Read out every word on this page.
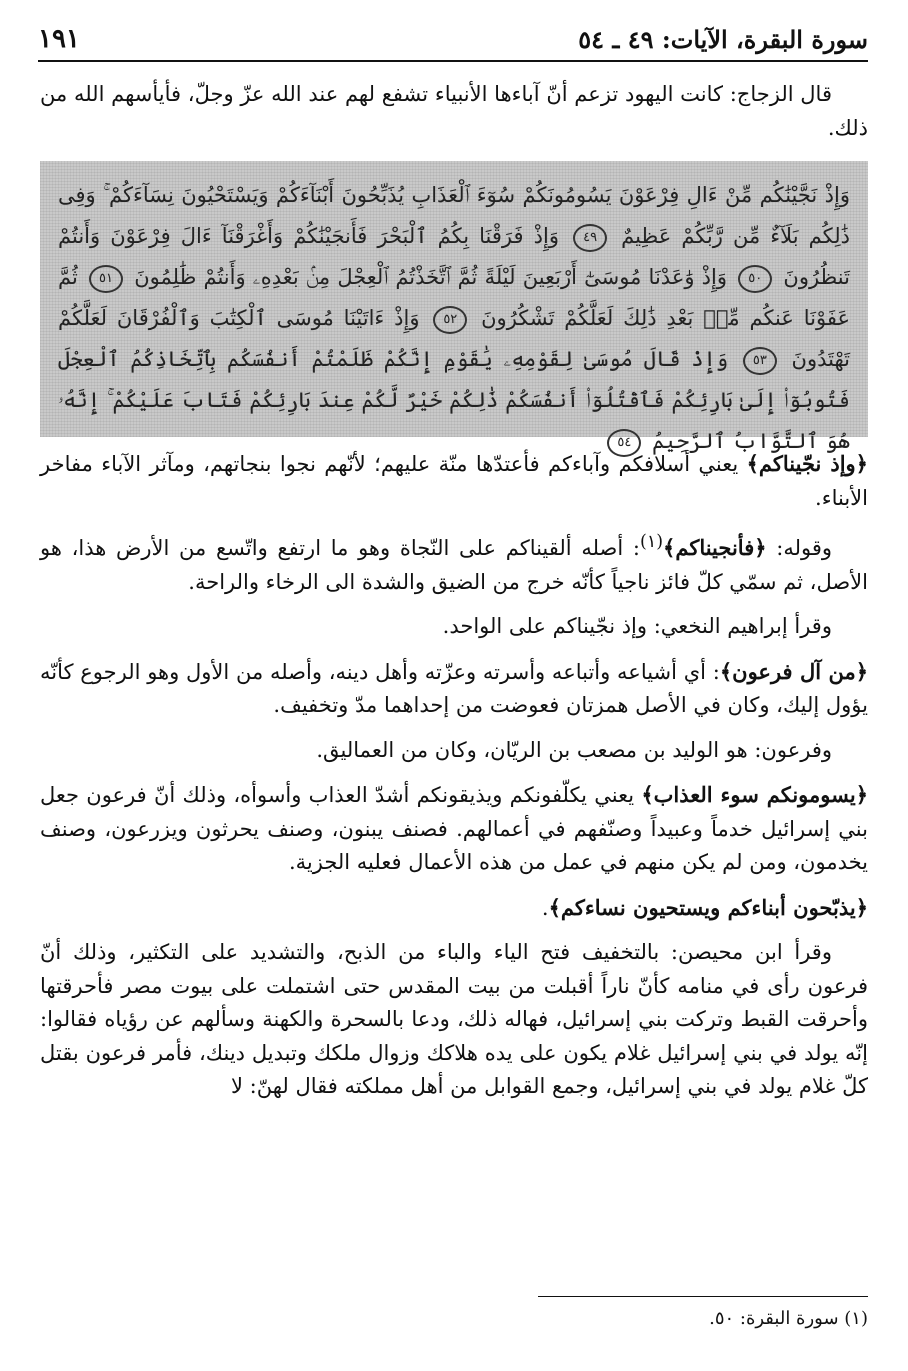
سورة البقرة، الآيات: ٤٩ ـ ٥٤
١٩١

قال الزجاج: كانت اليهود تزعم أنّ آباءها الأنبياء تشفع لهم عند الله عزّ وجلّ، فأيأسهم الله من ذلك.

وَإِذْ نَجَّيْنَٰكُم مِّنْ ءَالِ فِرْعَوْنَ يَسُومُونَكُمْ سُوٓءَ ٱلْعَذَابِ يُذَبِّحُونَ أَبْنَآءَكُمْ وَيَسْتَحْيُونَ نِسَآءَكُمْ ۚ وَفِى ذَٰلِكُم بَلَآءٌ مِّن رَّبِّكُمْ عَظِيمٌ ٤٩ وَإِذْ فَرَقْنَا بِكُمُ ٱلْبَحْرَ فَأَنجَيْنَٰكُمْ وَأَغْرَقْنَآ ءَالَ فِرْعَوْنَ وَأَنتُمْ تَنظُرُونَ ٥٠ وَإِذْ وَٰعَدْنَا مُوسَىٰٓ أَرْبَعِينَ لَيْلَةً ثُمَّ ٱتَّخَذْتُمُ ٱلْعِجْلَ مِنۢ بَعْدِهِۦ وَأَنتُمْ ظَٰلِمُونَ ٥١ ثُمَّ عَفَوْنَا عَنكُم مِّنۢ بَعْدِ ذَٰلِكَ لَعَلَّكُمْ تَشْكُرُونَ ٥٢ وَإِذْ ءَاتَيْنَا مُوسَى ٱلْكِتَٰبَ وَٱلْفُرْقَانَ لَعَلَّكُمْ تَهْتَدُونَ ٥٣ وَإِذْ قَالَ مُوسَىٰ لِقَوْمِهِۦ يَٰقَوْمِ إِنَّكُمْ ظَلَمْتُمْ أَنفُسَكُم بِٱتِّخَاذِكُمُ ٱلْعِجْلَ فَتُوبُوٓا۟ إِلَىٰ بَارِئِكُمْ فَٱقْتُلُوٓا۟ أَنفُسَكُمْ ذَٰلِكُمْ خَيْرٌ لَّكُمْ عِندَ بَارِئِكُمْ فَتَابَ عَلَيْكُمْ ۚ إِنَّهُۥ هُوَ ٱلتَّوَّابُ ٱلرَّحِيمُ ٥٤

﴿وإذ نجّيناكم﴾ يعني أسلافكم وآباءكم فأعتدّها منّة عليهم؛ لأنّهم نجوا بنجاتهم، ومآثر الآباء مفاخر الأبناء.

وقوله: ﴿فأنجيناكم﴾$^{(١)}$: أصله ألقيناكم على النّجاة وهو ما ارتفع واتّسع من الأرض هذا، هو الأصل، ثم سمّي كلّ فائز ناجياً كأنّه خرج من الضيق والشدة الى الرخاء والراحة.

وقرأ إبراهيم النخعي: وإذ نجّيناكم على الواحد.

﴿من آل فرعون﴾: أي أشياعه وأتباعه وأسرته وعزّته وأهل دينه، وأصله من الأول وهو الرجوع كأنّه يؤول إليك، وكان في الأصل همزتان فعوضت من إحداهما مدّ وتخفيف.

وفرعون: هو الوليد بن مصعب بن الريّان، وكان من العماليق.

﴿يسومونكم سوء العذاب﴾ يعني يكلّفونكم ويذيقونكم أشدّ العذاب وأسوأه، وذلك أنّ فرعون جعل بني إسرائيل خدماً وعبيداً وصنّفهم في أعمالهم. فصنف يبنون، وصنف يحرثون ويزرعون، وصنف يخدمون، ومن لم يكن منهم في عمل من هذه الأعمال فعليه الجزية.

﴿يذبّحون أبناءكم ويستحيون نساءكم﴾.

وقرأ ابن محيصن: بالتخفيف فتح الياء والباء من الذبح، والتشديد على التكثير، وذلك أنّ فرعون رأى في منامه كأنّ ناراً أقبلت من بيت المقدس حتى اشتملت على بيوت مصر فأحرقتها وأحرقت القبط وتركت بني إسرائيل، فهاله ذلك، ودعا بالسحرة والكهنة وسألهم عن رؤياه فقالوا: إنّه يولد في بني إسرائيل غلام يكون على يده هلاكك وزوال ملكك وتبديل دينك، فأمر فرعون بقتل كلّ غلام يولد في بني إسرائيل، وجمع القوابل من أهل مملكته فقال لهنّ: لا

(١) سورة البقرة: ٥٠.
